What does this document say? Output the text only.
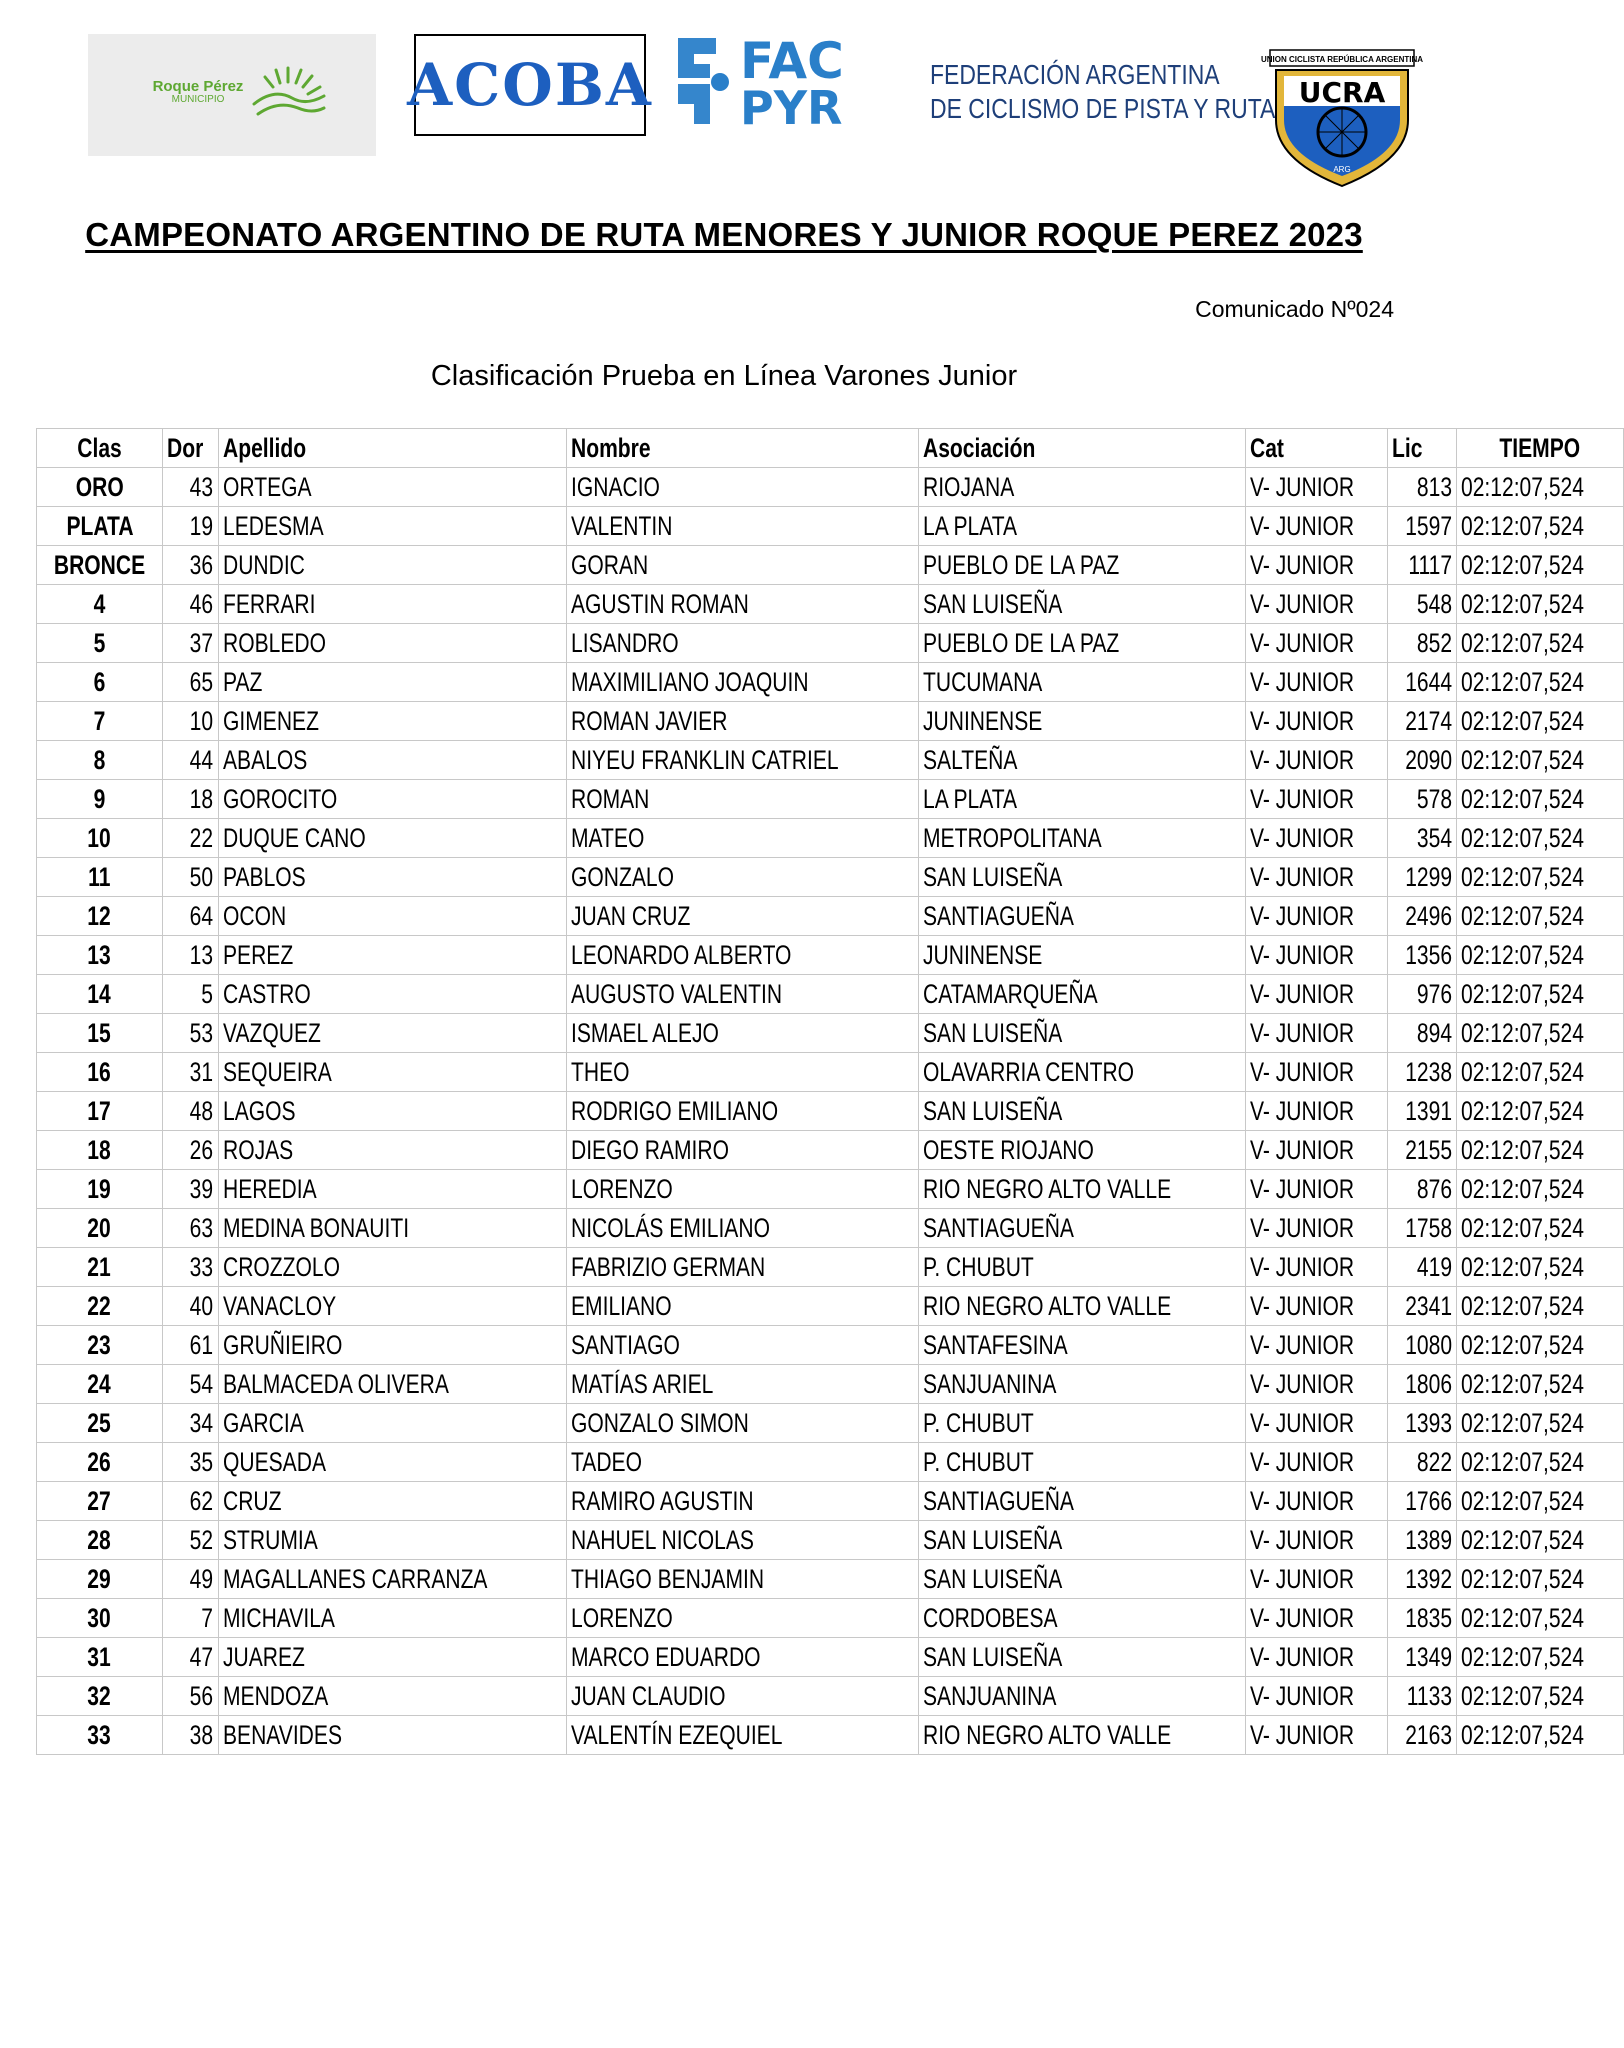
Roque Pérez
MUNICIPIO	ACOBA FAC
PYR
FEDERACIÓN ARGENTINA
DE CICLISMO DE PISTA Y RUTA
UNION CICLISTA REPÚBLICA ARGENTINA
UCRA
ARG
CAMPEONATO ARGENTINO DE RUTA MENORES Y JUNIOR ROQUE PEREZ 2023
Comunicado Nº024
Clasificación Prueba en Línea Varones Junior
Clas	Dor	Apellido	Nombre	Asociación	Cat	Lic	TIEMPO
ORO	43	ORTEGA	IGNACIO	RIOJANA	V- JUNIOR	813	02:12:07,524
PLATA	19	LEDESMA	VALENTIN	LA PLATA	V- JUNIOR	1597	02:12:07,524
BRONCE	36	DUNDIC	GORAN	PUEBLO DE LA PAZ	V- JUNIOR	1117	02:12:07,524
4	46	FERRARI	AGUSTIN ROMAN	SAN LUISEÑA	V- JUNIOR	548	02:12:07,524
5	37	ROBLEDO	LISANDRO	PUEBLO DE LA PAZ	V- JUNIOR	852	02:12:07,524
6	65	PAZ	MAXIMILIANO JOAQUIN	TUCUMANA	V- JUNIOR	1644	02:12:07,524
7	10	GIMENEZ	ROMAN JAVIER	JUNINENSE	V- JUNIOR	2174	02:12:07,524
8	44	ABALOS	NIYEU FRANKLIN CATRIEL	SALTEÑA	V- JUNIOR	2090	02:12:07,524
9	18	GOROCITO	ROMAN	LA PLATA	V- JUNIOR	578	02:12:07,524
10	22	DUQUE CANO	MATEO	METROPOLITANA	V- JUNIOR	354	02:12:07,524
11	50	PABLOS	GONZALO	SAN LUISEÑA	V- JUNIOR	1299	02:12:07,524
12	64	OCON	JUAN CRUZ	SANTIAGUEÑA	V- JUNIOR	2496	02:12:07,524
13	13	PEREZ	LEONARDO ALBERTO	JUNINENSE	V- JUNIOR	1356	02:12:07,524
14	5	CASTRO	AUGUSTO VALENTIN	CATAMARQUEÑA	V- JUNIOR	976	02:12:07,524
15	53	VAZQUEZ	ISMAEL ALEJO	SAN LUISEÑA	V- JUNIOR	894	02:12:07,524
16	31	SEQUEIRA	THEO	OLAVARRIA CENTRO	V- JUNIOR	1238	02:12:07,524
17	48	LAGOS	RODRIGO EMILIANO	SAN LUISEÑA	V- JUNIOR	1391	02:12:07,524
18	26	ROJAS	DIEGO RAMIRO	OESTE RIOJANO	V- JUNIOR	2155	02:12:07,524
19	39	HEREDIA	LORENZO	RIO NEGRO ALTO VALLE	V- JUNIOR	876	02:12:07,524
20	63	MEDINA BONAUITI	NICOLÁS EMILIANO	SANTIAGUEÑA	V- JUNIOR	1758	02:12:07,524
21	33	CROZZOLO	FABRIZIO GERMAN	P. CHUBUT	V- JUNIOR	419	02:12:07,524
22	40	VANACLOY	EMILIANO	RIO NEGRO ALTO VALLE	V- JUNIOR	2341	02:12:07,524
23	61	GRUÑIEIRO	SANTIAGO	SANTAFESINA	V- JUNIOR	1080	02:12:07,524
24	54	BALMACEDA OLIVERA	MATÍAS ARIEL	SANJUANINA	V- JUNIOR	1806	02:12:07,524
25	34	GARCIA	GONZALO SIMON	P. CHUBUT	V- JUNIOR	1393	02:12:07,524
26	35	QUESADA	TADEO	P. CHUBUT	V- JUNIOR	822	02:12:07,524
27	62	CRUZ	RAMIRO AGUSTIN	SANTIAGUEÑA	V- JUNIOR	1766	02:12:07,524
28	52	STRUMIA	NAHUEL NICOLAS	SAN LUISEÑA	V- JUNIOR	1389	02:12:07,524
29	49	MAGALLANES CARRANZA	THIAGO BENJAMIN	SAN LUISEÑA	V- JUNIOR	1392	02:12:07,524
30	7	MICHAVILA	LORENZO	CORDOBESA	V- JUNIOR	1835	02:12:07,524
31	47	JUAREZ	MARCO EDUARDO	SAN LUISEÑA	V- JUNIOR	1349	02:12:07,524
32	56	MENDOZA	JUAN CLAUDIO	SANJUANINA	V- JUNIOR	1133	02:12:07,524
33	38	BENAVIDES	VALENTÍN EZEQUIEL	RIO NEGRO ALTO VALLE	V- JUNIOR	2163	02:12:07,524
